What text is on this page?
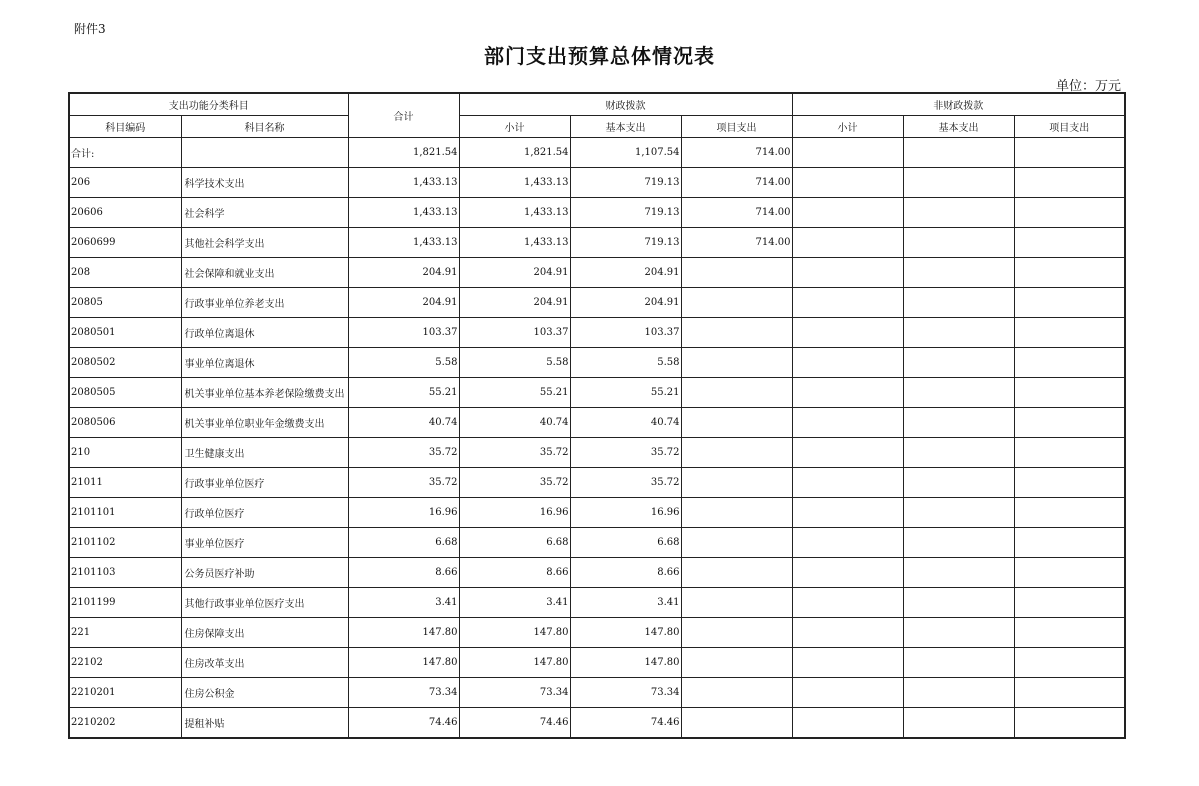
附件3
部门支出预算总体情况表
单位：万元
支出功能分类科目		合计	财政拨款			非财政拨款		
科目编码	科目名称		小计	基本支出	项目支出	小计	基本支出	项目支出
合计:		1,821.54	1,821.54	1,107.54	714.00			
206	科学技术支出	1,433.13	1,433.13	719.13	714.00			
20606	社会科学	1,433.13	1,433.13	719.13	714.00			
2060699	其他社会科学支出	1,433.13	1,433.13	719.13	714.00			
208	社会保障和就业支出	204.91	204.91	204.91				
20805	行政事业单位养老支出	204.91	204.91	204.91				
2080501	行政单位离退休	103.37	103.37	103.37				
2080502	事业单位离退休	5.58	5.58	5.58				
2080505	机关事业单位基本养老保险缴费支出	55.21	55.21	55.21				
2080506	机关事业单位职业年金缴费支出	40.74	40.74	40.74				
210	卫生健康支出	35.72	35.72	35.72				
21011	行政事业单位医疗	35.72	35.72	35.72				
2101101	行政单位医疗	16.96	16.96	16.96				
2101102	事业单位医疗	6.68	6.68	6.68				
2101103	公务员医疗补助	8.66	8.66	8.66				
2101199	其他行政事业单位医疗支出	3.41	3.41	3.41				
221	住房保障支出	147.80	147.80	147.80				
22102	住房改革支出	147.80	147.80	147.80				
2210201	住房公积金	73.34	73.34	73.34				
2210202	提租补贴	74.46	74.46	74.46				
